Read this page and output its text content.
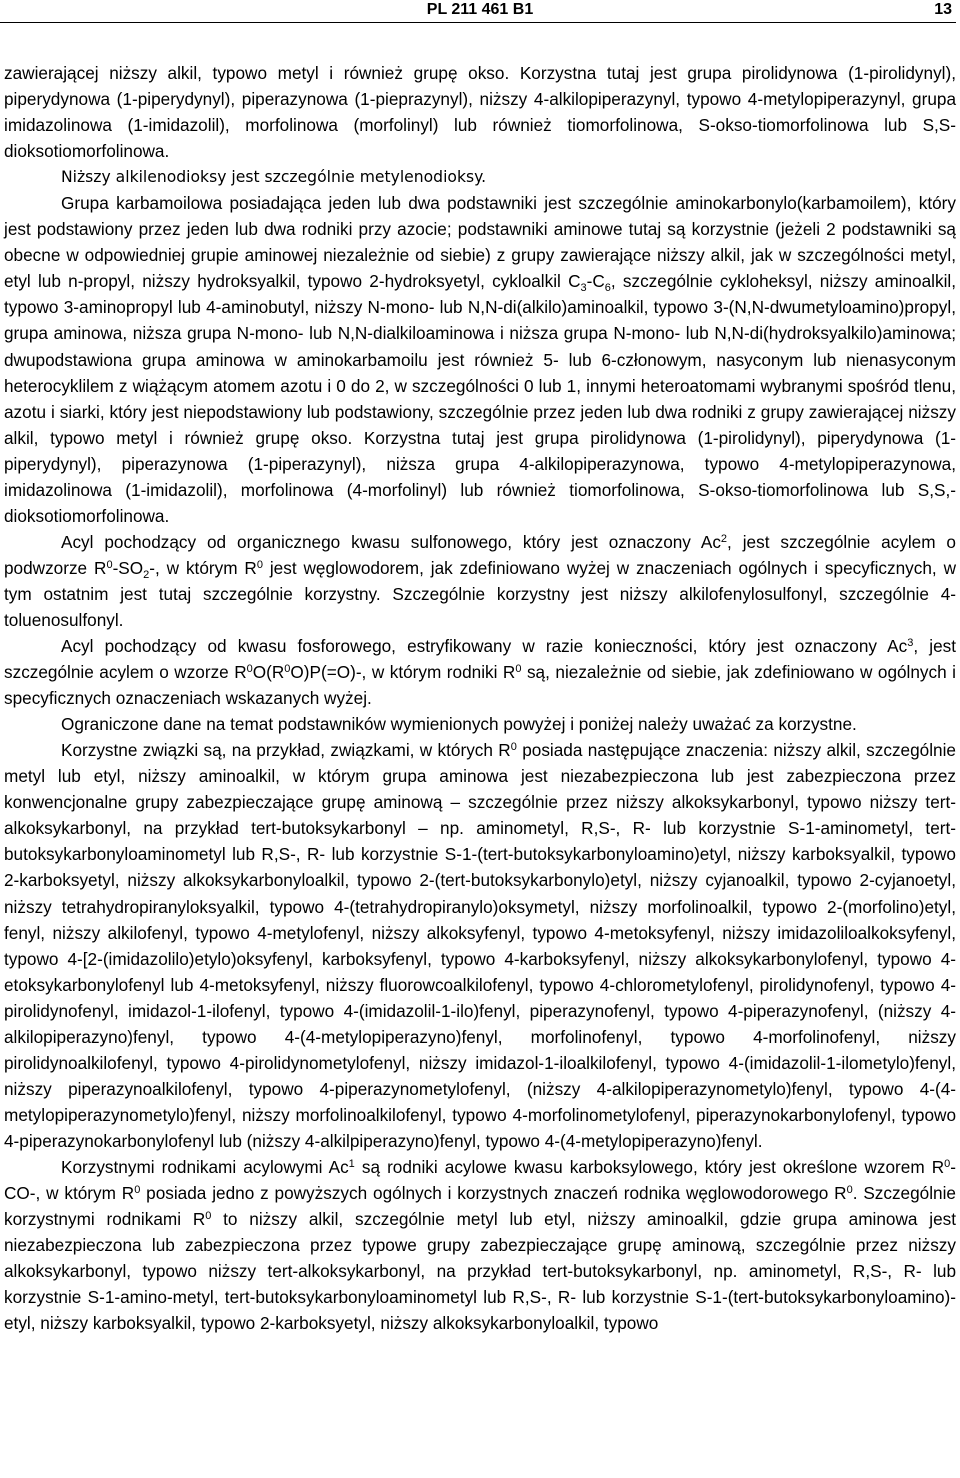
PL 211 461 B1	13

zawierającej niższy alkil, typowo metyl i również grupę okso. Korzystna tutaj jest grupa pirolidynowa (1-pirolidynyl), piperydynowa (1-piperydynyl), piperazynowa (1-pieprazynyl), niższy 4-alkilopiperazynyl, typowo 4-metylopiperazynyl, grupa imidazolinowa (1-imidazolil), morfolinowa (morfolinyl) lub również tiomorfolinowa, S-okso-tiomorfolinowa lub S,S-dioksotiomorfolinowa.

Niższy alkilenodioksy jest szczególnie metylenodioksy.

Grupa karbamoilowa posiadająca jeden lub dwa podstawniki jest szczególnie aminokarbonylo(karbamoilem), który jest podstawiony przez jeden lub dwa rodniki przy azocie; podstawniki aminowe tutaj są korzystnie (jeżeli 2 podstawniki są obecne w odpowiedniej grupie aminowej niezależnie od siebie) z grupy zawierające niższy alkil, jak w szczególności metyl, etyl lub n-propyl, niższy hydroksyalkil, typowo 2-hydroksyetyl, cykloalkil $C_3-C_6$, szczególnie cykloheksyl, niższy aminoalkil, typowo 3-aminopropyl lub 4-aminobutyl, niższy N-mono- lub N,N-di(alkilo)aminoalkil, typowo 3-(N,N-dwumetyloamino)propyl, grupa aminowa, niższa grupa N-mono- lub N,N-dialkiloaminowa i niższa grupa N-mono- lub N,N-di(hydroksyalkilo)aminowa; dwupodstawiona grupa aminowa w aminokarbamoilu jest również 5- lub 6-członowym, nasyconym lub nienasyconym heterocyklilem z wiążącym atomem azotu i 0 do 2, w szczególności 0 lub 1, innymi heteroatomami wybranymi spośród tlenu, azotu i siarki, który jest niepodstawiony lub podstawiony, szczególnie przez jeden lub dwa rodniki z grupy zawierającej niższy alkil, typowo metyl i również grupę okso. Korzystna tutaj jest grupa pirolidynowa (1-pirolidynyl), piperydynowa (1-piperydynyl), piperazynowa (1-piperazynyl), niższa grupa 4-alkilopiperazynowa, typowo 4-metylopiperazynowa, imidazolinowa (1-imidazolil), morfolinowa (4-morfolinyl) lub również tiomorfolinowa, S-okso-tiomorfolinowa lub S,S,-dioksotiomorfolinowa.

Acyl pochodzący od organicznego kwasu sulfonowego, który jest oznaczony Ac$^2$, jest szczególnie acylem o podwzorze $R^0-SO_2-$, w którym $R^0$ jest węglowodorem, jak zdefiniowano wyżej w znaczeniach ogólnych i specyficznych, w tym ostatnim jest tutaj szczególnie korzystny. Szczególnie korzystny jest niższy alkilofenylosulfonyl, szczególnie 4-toluenosulfonyl.

Acyl pochodzący od kwasu fosforowego, estryfikowany w razie konieczności, który jest oznaczony Ac$^3$, jest szczególnie acylem o wzorze $R^0O(R^0O)P(=O)-$, w którym rodniki $R^0$ są, niezależnie od siebie, jak zdefiniowano w ogólnych i specyficznych oznaczeniach wskazanych wyżej.

Ograniczone dane na temat podstawników wymienionych powyżej i poniżej należy uważać za korzystne.

Korzystne związki są, na przykład, związkami, w których $R^0$ posiada następujące znaczenia: niższy alkil, szczególnie metyl lub etyl, niższy aminoalkil, w którym grupa aminowa jest niezabezpieczona lub jest zabezpieczona przez konwencjonalne grupy zabezpieczające grupę aminową – szczególnie przez niższy alkoksykarbonyl, typowo niższy tert-alkoksykarbonyl, na przykład tert-butoksykarbonyl – np. aminometyl, R,S-, R- lub korzystnie S-1-aminometyl, tert-butoksykarbonyloaminometyl lub R,S-, R- lub korzystnie S-1-(tert-butoksykarbonyloamino)etyl, niższy karboksyalkil, typowo 2-karboksyetyl, niższy alkoksykarbonyloalkil, typowo 2-(tert-butoksykarbonylo)etyl, niższy cyjanoalkil, typowo 2-cyjanoetyl, niższy tetrahydropiranyloksyalkil, typowo 4-(tetrahydropiranylo)oksymetyl, niższy morfolinoalkil, typowo 2-(morfolino)etyl, fenyl, niższy alkilofenyl, typowo 4-metylofenyl, niższy alkoksyfenyl, typowo 4-metoksyfenyl, niższy imidazoliloalkoksyfenyl, typowo 4-[2-(imidazolilo)etylo)oksyfenyl, karboksyfenyl, typowo 4-karboksyfenyl, niższy alkoksykarbonylofenyl, typowo 4-etoksykarbonylofenyl lub 4-metoksyfenyl, niższy fluorowcoalkilofenyl, typowo 4-chlorometylofenyl, pirolidynofenyl, typowo 4-pirolidynofenyl, imidazol-1-ilofenyl, typowo 4-(imidazolil-1-ilo)fenyl, piperazynofenyl, typowo 4-piperazynofenyl, (niższy 4-alkilopiperazyno)fenyl, typowo 4-(4-metylopiperazyno)fenyl, morfolinofenyl, typowo 4-morfolinofenyl, niższy pirolidynoalkilofenyl, typowo 4-pirolidynometylofenyl, niższy imidazol-1-iloalkilofenyl, typowo 4-(imidazolil-1-ilometylo)fenyl, niższy piperazynoalkilofenyl, typowo 4-piperazynometylofenyl, (niższy 4-alkilopiperazynometylo)fenyl, typowo 4-(4-metylopiperazynometylo)fenyl, niższy morfolinoalkilofenyl, typowo 4-morfolinometylofenyl, piperazynokarbonylofenyl, typowo 4-piperazynokarbonylofenyl lub (niższy 4-alkilpiperazyno)fenyl, typowo 4-(4-metylopiperazyno)fenyl.

Korzystnymi rodnikami acylowymi Ac$^1$ są rodniki acylowe kwasu karboksylowego, który jest określone wzorem $R^0-CO-$, w którym $R^0$ posiada jedno z powyższych ogólnych i korzystnych znaczeń rodnika węglowodorowego $R^0$. Szczególnie korzystnymi rodnikami $R^0$ to niższy alkil, szczególnie metyl lub etyl, niższy aminoalkil, gdzie grupa aminowa jest niezabezpieczona lub zabezpieczona przez typowe grupy zabezpieczające grupę aminową, szczególnie przez niższy alkoksykarbonyl, typowo niższy tert-alkoksykarbonyl, na przykład tert-butoksykarbonyl, np. aminometyl, R,S-, R- lub korzystnie S-1-amino-metyl, tert-butoksykarbonyloaminometyl lub R,S-, R- lub korzystnie S-1-(tert-butoksykarbonyloamino)-etyl, niższy karboksyalkil, typowo 2-karboksyetyl, niższy alkoksykarbonyloalkil, typowo
